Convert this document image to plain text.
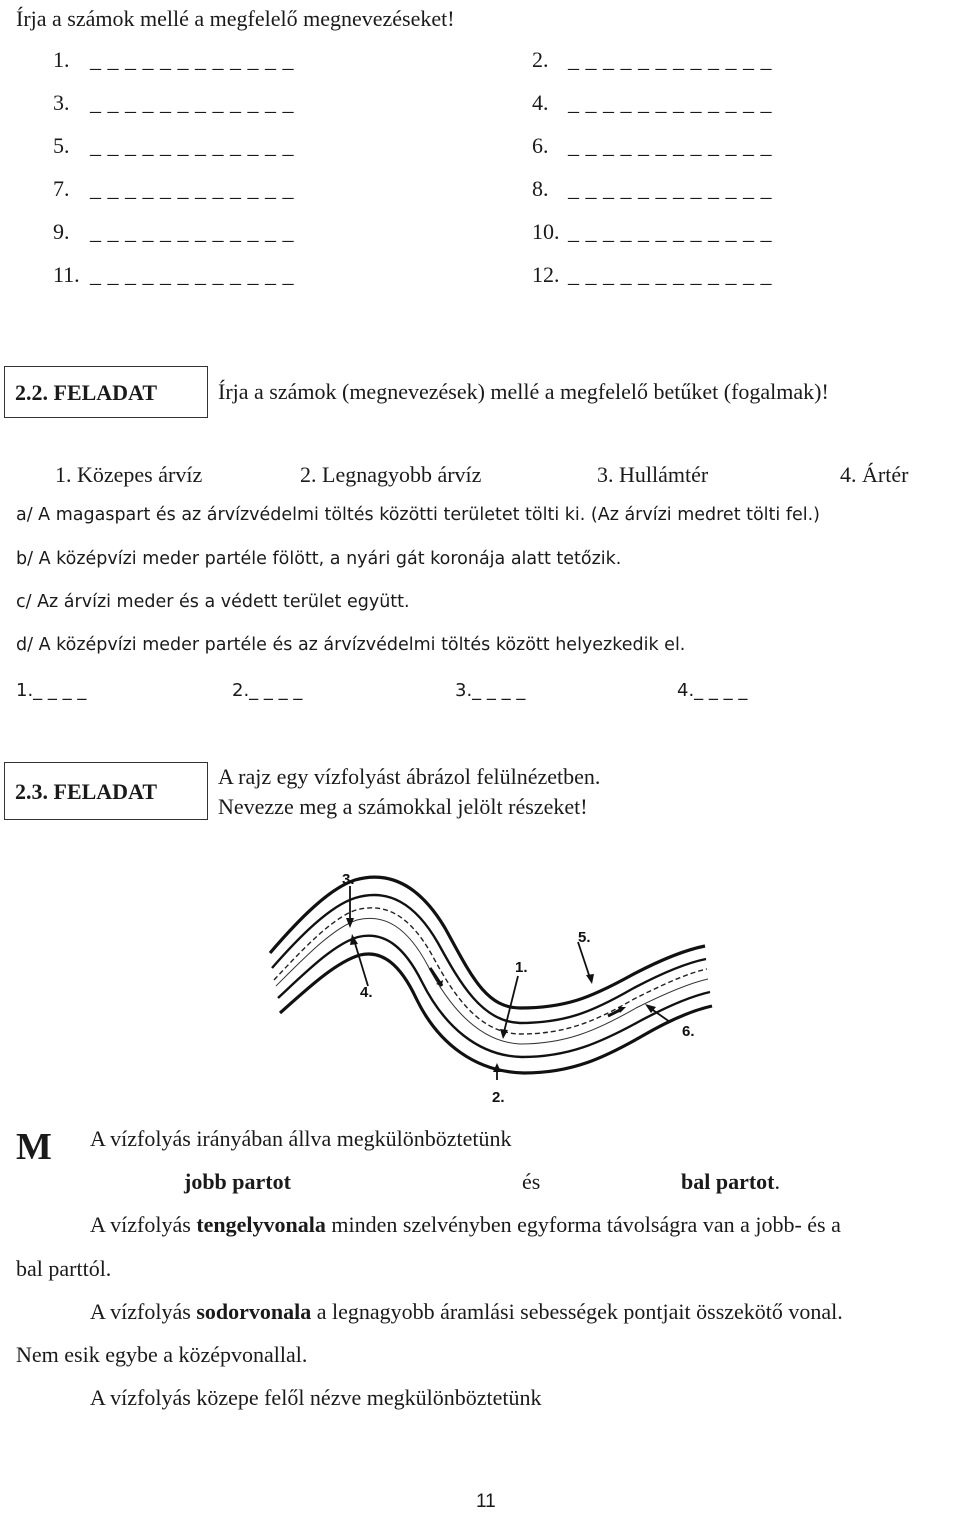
Írja a számok mellé a megfelelő megnevezéseket!
1. _ _ _ _ _ _ _ _ _ _ _ _	2. _ _ _ _ _ _ _ _ _ _ _ _
3. _ _ _ _ _ _ _ _ _ _ _ _	4. _ _ _ _ _ _ _ _ _ _ _ _
5. _ _ _ _ _ _ _ _ _ _ _ _	6. _ _ _ _ _ _ _ _ _ _ _ _
7. _ _ _ _ _ _ _ _ _ _ _ _	8. _ _ _ _ _ _ _ _ _ _ _ _
9. _ _ _ _ _ _ _ _ _ _ _ _	10. _ _ _ _ _ _ _ _ _ _ _ _
11. _ _ _ _ _ _ _ _ _ _ _ _	12. _ _ _ _ _ _ _ _ _ _ _ _
2.2. FELADAT	Írja a számok (megnevezések) mellé a megfelelő betűket (fogalmak)!
1. Közepes árvíz	2. Legnagyobb árvíz	3. Hullámtér	4. Ártér
a/ A magaspart és az árvízvédelmi töltés közötti területet tölti ki. (Az árvízi medret tölti fel.)
b/ A középvízi meder partéle fölött, a nyári gát koronája alatt tetőzik.
c/ Az árvízi meder és a védett terület együtt.
d/ A középvízi meder partéle és az árvízvédelmi töltés között helyezkedik el.
1._ _ _ _	2._ _ _ _	3._ _ _ _	4._ _ _ _
2.3. FELADAT
A rajz egy vízfolyást ábrázol felülnézetben.
Nevezze meg a számokkal jelölt részeket!
3.
5.
1.
4.
6.
2.
M A vízfolyás irányában állva megkülönböztetünk
jobb partot	és	bal partot.
A vízfolyás tengelyvonala minden szelvényben egyforma távolságra van a jobb- és a
bal parttól.
A vízfolyás sodorvonala a legnagyobb áramlási sebességek pontjait összekötő vonal.
Nem esik egybe a középvonallal.
A vízfolyás közepe felől nézve megkülönböztetünk
11
